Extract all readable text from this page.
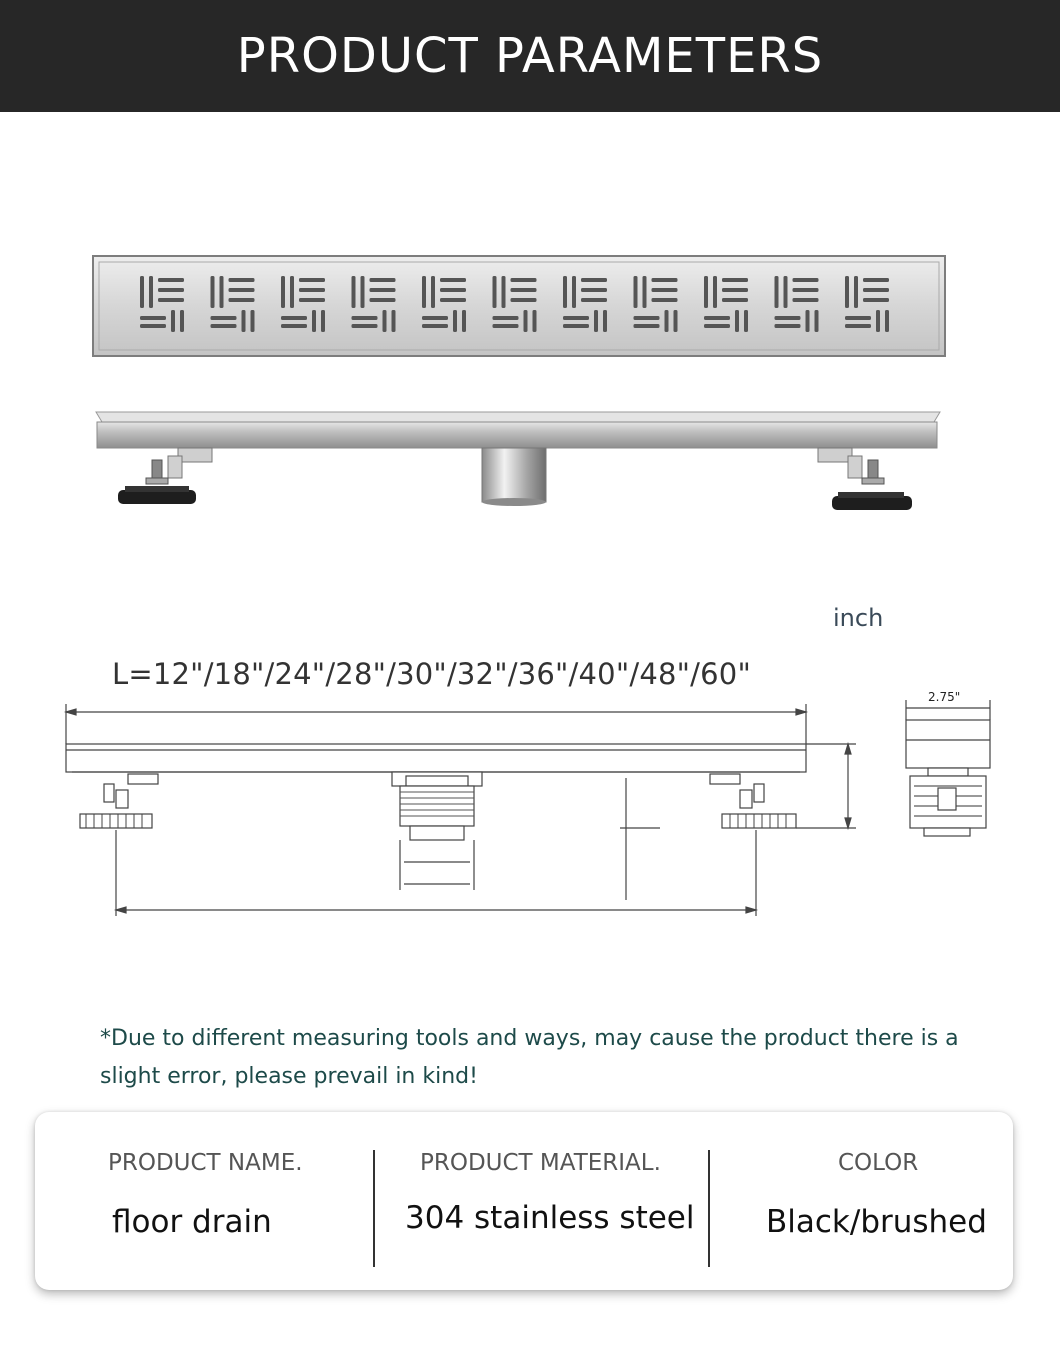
PRODUCT PARAMETERS
inch
L=12"/18"/24"/28"/30"/32"/36"/40"/48"/60"
2.75"
*Due to different measuring tools and ways, may cause the product there is a slight error, please prevail in kind!
PRODUCT NAME.
floor drain
PRODUCT MATERIAL.
304 stainless steel
COLOR
Black/brushed
